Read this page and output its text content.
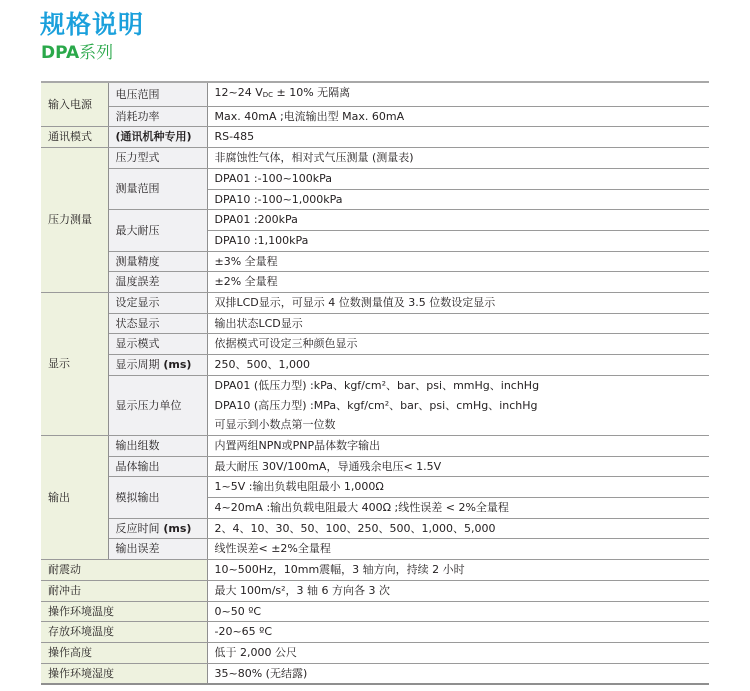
规格说明
DPA系列
输入电源	电压范围	12~24 $V_{DC} \pm 10\%$ 无隔离
	消耗功率	Max. 40mA ;电流输出型 Max. 60mA
通讯模式	(通讯机种专用)	RS-485
压力测量	压力型式	非腐蚀性气体，相对式气压测量 (测量表)
	测量范围	DPA01 :-100~100kPa
		DPA10 :-100~1,000kPa
	最大耐压	DPA01 :200kPa
		DPA10 :1,100kPa
	测量精度	±3% 全量程
	温度誤差	±2% 全量程
显示	设定显示	双排LCD显示，可显示 4 位数测量值及 3.5 位数设定显示
	状态显示	输出状态LCD显示
	显示模式	依据模式可设定三种颜色显示
	显示周期 (ms)	250、500、1,000
	显示压力单位	DPA01 (低压力型) :kPa、kgf/cm²、bar、psi、mmHg、inchHg
DPA10 (高压力型) :MPa、kgf/cm²、bar、psi、cmHg、inchHg
可显示到小数点第一位数

输出	输出组数	内置两组NPN或PNP晶体数字输出
	晶体输出	最大耐压 30V/100mA，导通残余电压< 1.5V
	模拟输出	1~5V :输出负载电阻最小 1,000Ω
		4~20mA :输出负载电阻最大 400Ω ;线性误差 < 2%全量程
	反应时间 (ms)	2、4、10、30、50、100、250、500、1,000、5,000
	输出误差	线性误差< ±2%全量程
耐震动		10~500Hz，10mm震幅，3 轴方向，持续 2 小时
耐冲击		最大 100m/s²，3 轴 6 方向各 3 次
操作环境温度		0~50 ºC
存放环境温度		-20~65 ºC
操作高度		低于 2,000 公尺
操作环境湿度		35~80% (无结露)
